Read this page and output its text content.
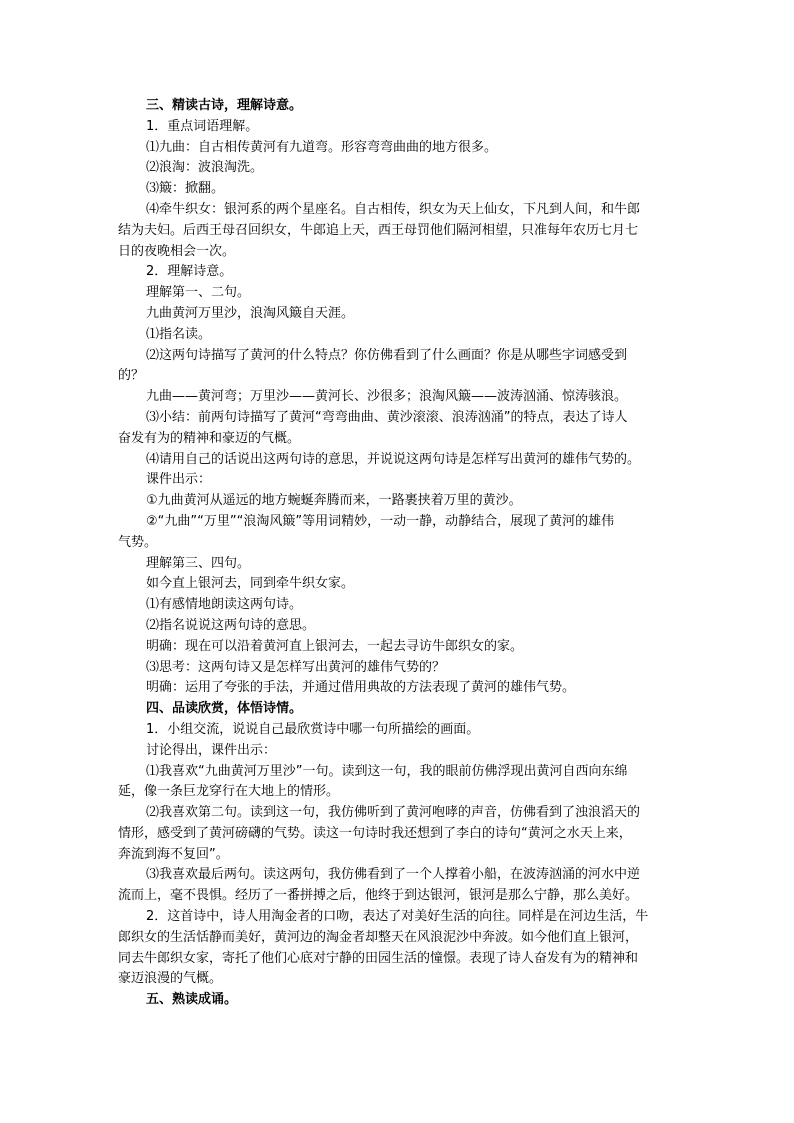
三、精读古诗，理解诗意。

1．重点词语理解。

⑴九曲：自古相传黄河有九道弯。形容弯弯曲曲的地方很多。

⑵浪淘：波浪淘洗。

⑶簸：掀翻。

⑷牵牛织女：银河系的两个星座名。自古相传，织女为天上仙女，下凡到人间，和牛郎

结为夫妇。后西王母召回织女，牛郎追上天，西王母罚他们隔河相望，只准每年农历七月七

日的夜晚相会一次。

2．理解诗意。

理解第一、二句。

九曲黄河万里沙，浪淘风簸自天涯。

⑴指名读。

⑵这两句诗描写了黄河的什么特点？你仿佛看到了什么画面？你是从哪些字词感受到

的？

九曲——黄河弯；万里沙——黄河长、沙很多；浪淘风簸——波涛汹涌、惊涛骇浪。

⑶小结：前两句诗描写了黄河“弯弯曲曲、黄沙滚滚、浪涛汹涌”的特点，表达了诗人

奋发有为的精神和豪迈的气概。

⑷请用自己的话说出这两句诗的意思，并说说这两句诗是怎样写出黄河的雄伟气势的。

课件出示：

①九曲黄河从遥远的地方蜿蜒奔腾而来，一路裹挟着万里的黄沙。

②“九曲”“万里”“浪淘风簸”等用词精妙，一动一静，动静结合，展现了黄河的雄伟

气势。

理解第三、四句。

如今直上银河去，同到牵牛织女家。

⑴有感情地朗读这两句诗。

⑵指名说说这两句诗的意思。

明确：现在可以沿着黄河直上银河去，一起去寻访牛郎织女的家。

⑶思考：这两句诗又是怎样写出黄河的雄伟气势的？

明确：运用了夸张的手法，并通过借用典故的方法表现了黄河的雄伟气势。

四、品读欣赏，体悟诗情。

1．小组交流，说说自己最欣赏诗中哪一句所描绘的画面。

讨论得出，课件出示：

⑴我喜欢“九曲黄河万里沙”一句。读到这一句，我的眼前仿佛浮现出黄河自西向东绵

延，像一条巨龙穿行在大地上的情形。

⑵我喜欢第二句。读到这一句，我仿佛听到了黄河咆哮的声音，仿佛看到了浊浪滔天的

情形，感受到了黄河磅礴的气势。读这一句诗时我还想到了李白的诗句“黄河之水天上来，

奔流到海不复回”。

⑶我喜欢最后两句。读这两句，我仿佛看到了一个人撑着小船，在波涛汹涌的河水中逆

流而上，毫不畏惧。经历了一番拼搏之后，他终于到达银河，银河是那么宁静，那么美好。

2．这首诗中，诗人用淘金者的口吻，表达了对美好生活的向往。同样是在河边生活，牛

郎织女的生活恬静而美好，黄河边的淘金者却整天在风浪泥沙中奔波。如今他们直上银河，

同去牛郎织女家，寄托了他们心底对宁静的田园生活的憧憬。表现了诗人奋发有为的精神和

豪迈浪漫的气概。

五、熟读成诵。
